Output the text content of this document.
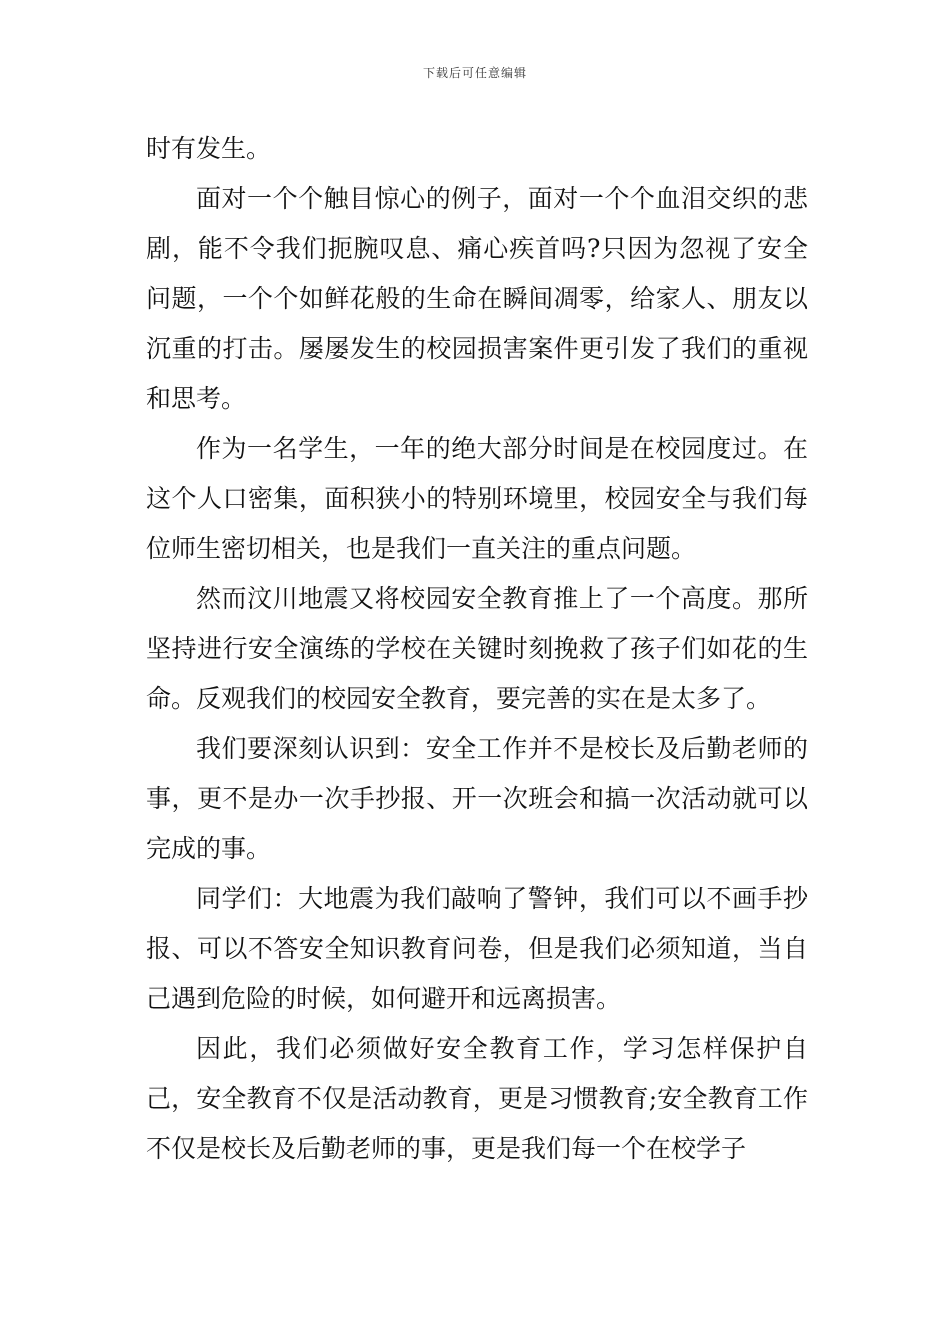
下载后可任意编辑

时有发生。

面对一个个触目惊心的例子，面对一个个血泪交织的悲剧，能不令我们扼腕叹息、痛心疾首吗?只因为忽视了安全问题，一个个如鲜花般的生命在瞬间凋零，给家人、朋友以沉重的打击。屡屡发生的校园损害案件更引发了我们的重视和思考。

作为一名学生，一年的绝大部分时间是在校园度过。在这个人口密集，面积狭小的特别环境里，校园安全与我们每位师生密切相关，也是我们一直关注的重点问题。

然而汶川地震又将校园安全教育推上了一个高度。那所坚持进行安全演练的学校在关键时刻挽救了孩子们如花的生命。反观我们的校园安全教育，要完善的实在是太多了。

我们要深刻认识到：安全工作并不是校长及后勤老师的事，更不是办一次手抄报、开一次班会和搞一次活动就可以完成的事。

同学们：大地震为我们敲响了警钟，我们可以不画手抄报、可以不答安全知识教育问卷，但是我们必须知道，当自己遇到危险的时候，如何避开和远离损害。

因此，我们必须做好安全教育工作，学习怎样保护自己，安全教育不仅是活动教育，更是习惯教育;安全教育工作不仅是校长及后勤老师的事，更是我们每一个在校学子
